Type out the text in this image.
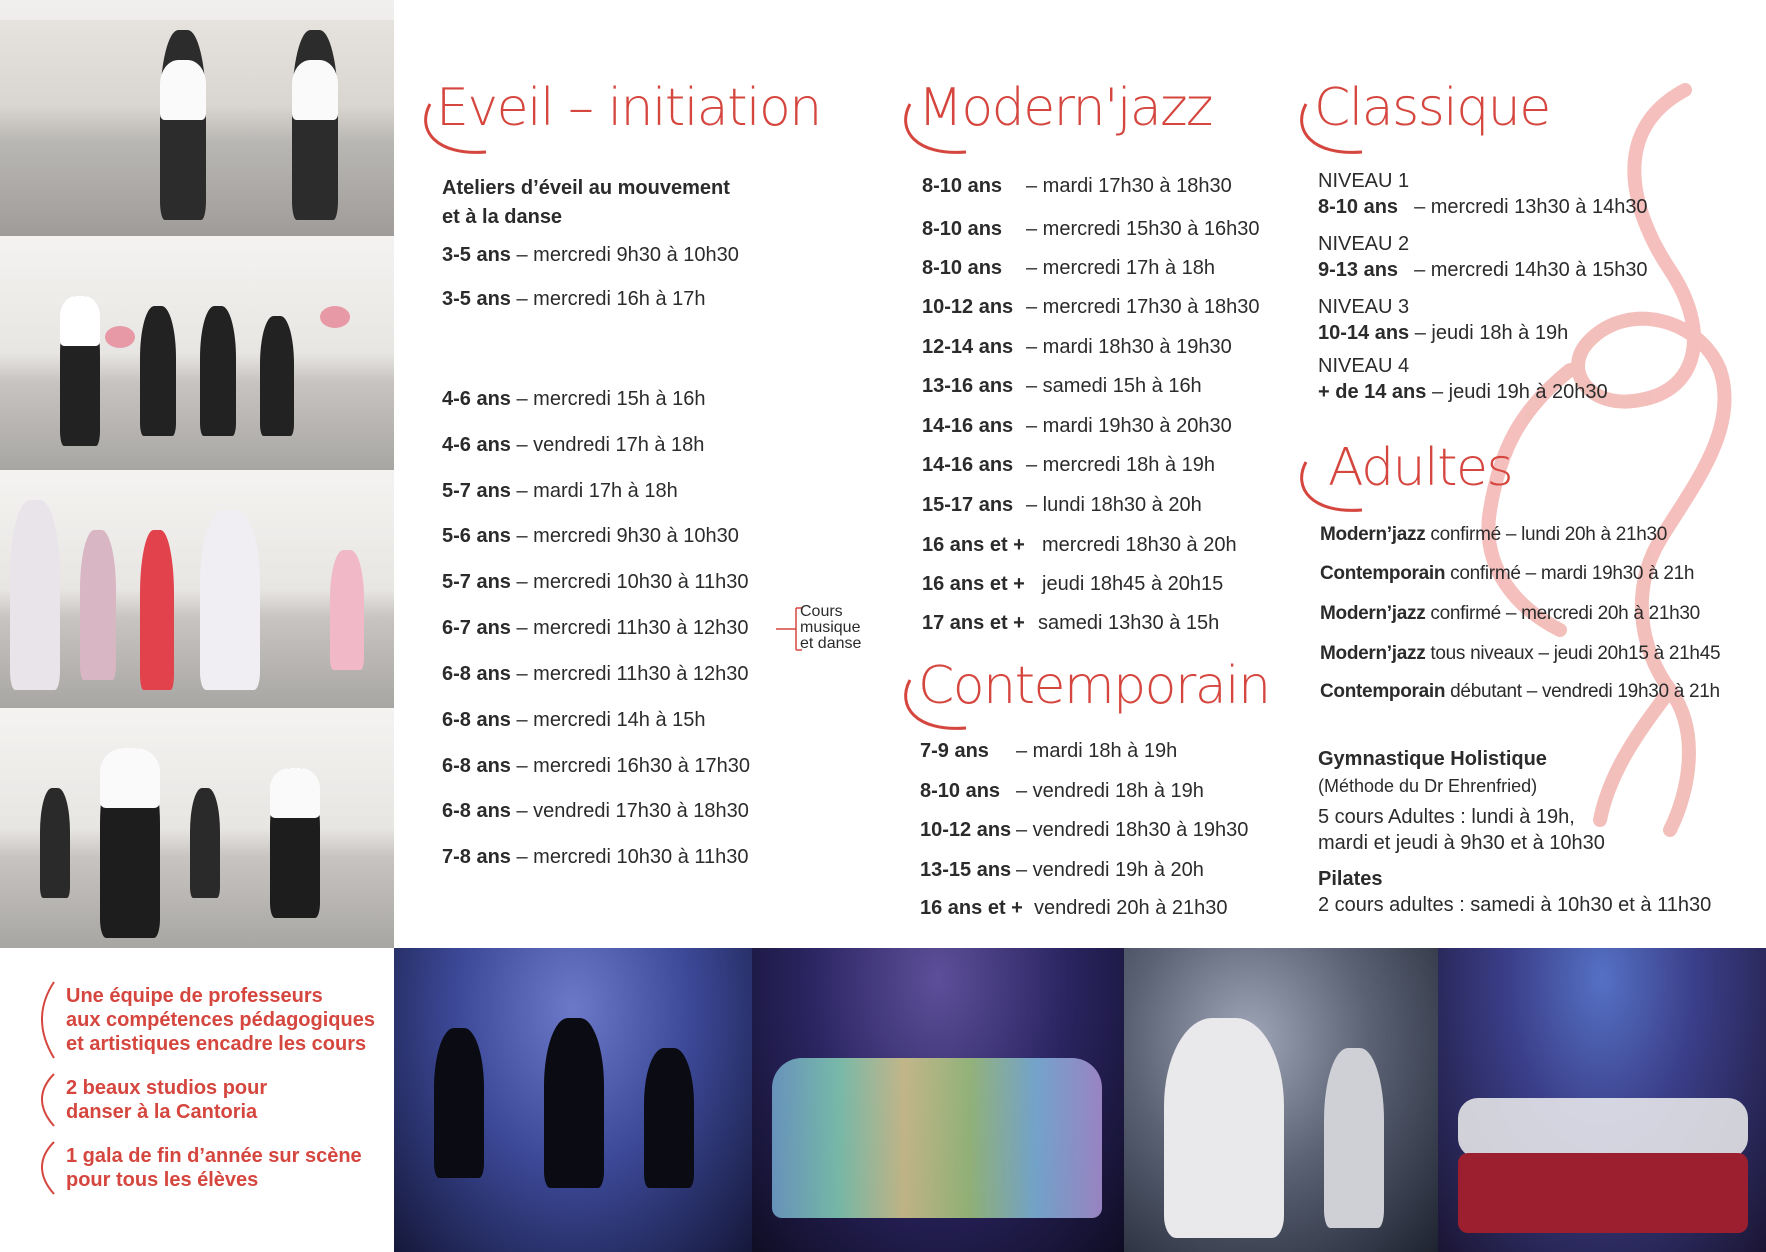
Eveil – initiation
Ateliers d’éveil au mouvement
et à la danse
3-5 ans – mercredi 9h30 à 10h30
3-5 ans – mercredi 16h à 17h
4-6 ans – mercredi 15h à 16h
4-6 ans – vendredi 17h à 18h
5-7 ans – mardi 17h à 18h
5-6 ans – mercredi 9h30 à 10h30
5-7 ans – mercredi 10h30 à 11h30
6-7 ans – mercredi 11h30 à 12h30
6-8 ans – mercredi 11h30 à 12h30
6-8 ans – mercredi 14h à 15h
6-8 ans – mercredi 16h30 à 17h30
6-8 ans – vendredi 17h30 à 18h30
7-8 ans – mercredi 10h30 à 11h30
Cours
musique
et danse
Modern'jazz
8-10 ans – mardi 17h30 à 18h30
8-10 ans – mercredi 15h30 à 16h30
8-10 ans – mercredi 17h à 18h
10-12 ans – mercredi 17h30 à 18h30
12-14 ans – mardi 18h30 à 19h30
13-16 ans – samedi 15h à 16h
14-16 ans – mardi 19h30 à 20h30
14-16 ans – mercredi 18h à 19h
15-17 ans – lundi 18h30 à 20h
16 ans et + mercredi 18h30 à 20h
16 ans et + jeudi 18h45 à 20h15
17 ans et + samedi 13h30 à 15h
Contemporain
7-9 ans – mardi 18h à 19h
8-10 ans – vendredi 18h à 19h
10-12 ans – vendredi 18h30 à 19h30
13-15 ans – vendredi 19h à 20h
16 ans et + vendredi 20h à 21h30
Classique
NIVEAU 1
8-10 ans – mercredi 13h30 à 14h30
NIVEAU 2
9-13 ans – mercredi 14h30 à 15h30
NIVEAU 3
10-14 ans – jeudi 18h à 19h
NIVEAU 4
+ de 14 ans – jeudi 19h à 20h30
Adultes
Modern’jazz confirmé – lundi 20h à 21h30
Contemporain confirmé – mardi 19h30 à 21h
Modern’jazz confirmé – mercredi 20h à 21h30
Modern’jazz tous niveaux – jeudi 20h15 à 21h45
Contemporain débutant – vendredi 19h30 à 21h
Gymnastique Holistique
(Méthode du Dr Ehrenfried)
5 cours Adultes : lundi à 19h,
mardi et jeudi à 9h30 et à 10h30
Pilates
2 cours adultes : samedi à 10h30 et à 11h30
Une équipe de professeurs
aux compétences pédagogiques
et artistiques encadre les cours
2 beaux studios pour
danser à la Cantoria
1 gala de fin d’année sur scène
pour tous les élèves
